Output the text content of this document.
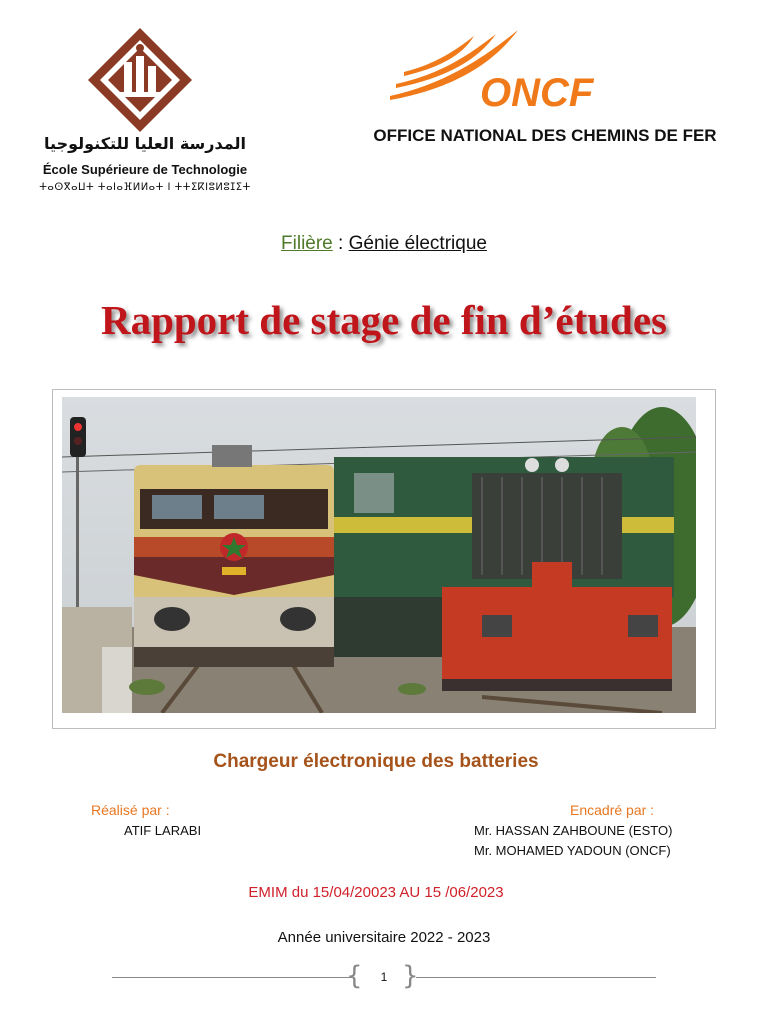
المدرسة العليا للتكنولوجيا
École Supérieure de Technologie
ⵜⴰⵙⴳⴰⵡⵜ ⵜⴰⵏⴰⴼⵍⵍⴰⵜ ⵏ ⵜⵜⵉⴽⵏⵓⵍⵓⵊⵉⵜ
ONCF
OFFICE NATIONAL DES CHEMINS DE FER
Filière : Génie électrique
Rapport de stage de fin d’études
Chargeur électronique des batteries
Réalisé par :
ATIF LARABI
Encadré par :
Mr. HASSAN ZAHBOUNE (ESTO)
Mr. MOHAMED YADOUN (ONCF)
EMIM du 15/04/20023 AU 15 /06/2023
Année universitaire 2022 - 2023
{ }
1
